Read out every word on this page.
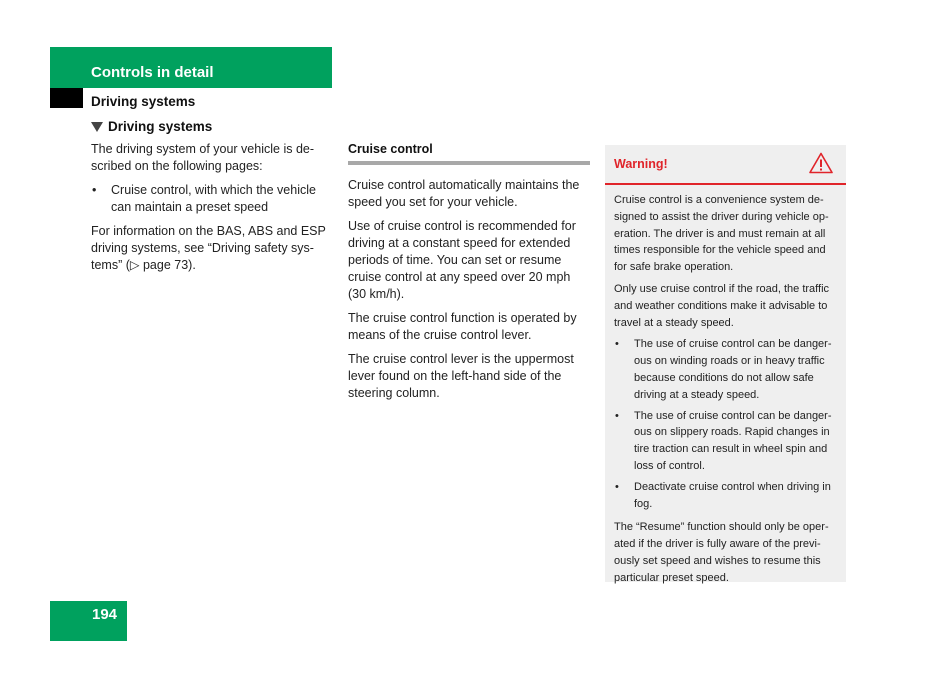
Controls in detail
Driving systems
Driving systems

The driving system of your vehicle is de-scribed on the following pages:

• Cruise control, with which the vehicle can maintain a preset speed

For information on the BAS, ABS and ESP driving systems, see “Driving safety sys-tems” (▷ page 73).

Cruise control

Cruise control automatically maintains the speed you set for your vehicle.

Use of cruise control is recommended for driving at a constant speed for extended periods of time. You can set or resume cruise control at any speed over 20 mph (30 km/h).

The cruise control function is operated by means of the cruise control lever.

The cruise control lever is the uppermost lever found on the left-hand side of the steering column.

Warning!

Cruise control is a convenience system de-signed to assist the driver during vehicle op-eration. The driver is and must remain at all times responsible for the vehicle speed and for safe brake operation.

Only use cruise control if the road, the traffic and weather conditions make it advisable to travel at a steady speed.

• The use of cruise control can be danger-ous on winding roads or in heavy traffic because conditions do not allow safe driving at a steady speed.
• The use of cruise control can be danger-ous on slippery roads. Rapid changes in tire traction can result in wheel spin and loss of control.
• Deactivate cruise control when driving in fog.

The “Resume” function should only be oper-ated if the driver is fully aware of the previ-ously set speed and wishes to resume this particular preset speed.

194
